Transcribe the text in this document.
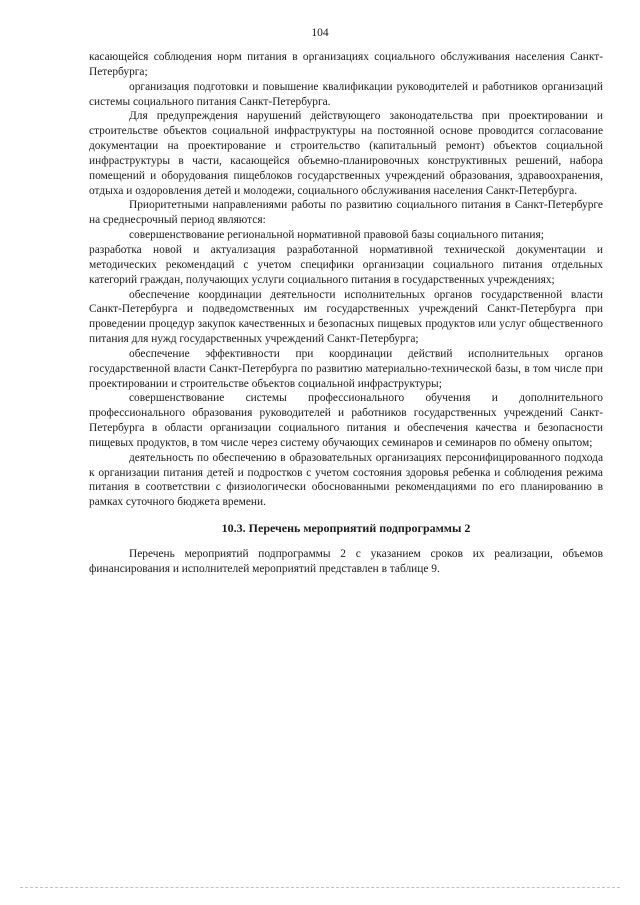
104

касающейся соблюдения норм питания в организациях социального обслуживания населения Санкт-Петербурга;

организация подготовки и повышение квалификации руководителей и работников организаций системы социального питания Санкт-Петербурга.

Для предупреждения нарушений действующего законодательства при проектировании и строительстве объектов социальной инфраструктуры на постоянной основе проводится согласование документации на проектирование и строительство (капитальный ремонт) объектов социальной инфраструктуры в части, касающейся объемно-планировочных конструктивных решений, набора помещений и оборудования пищеблоков государственных учреждений образования, здравоохранения, отдыха и оздоровления детей и молодежи, социального обслуживания населения Санкт-Петербурга.

Приоритетными направлениями работы по развитию социального питания в Санкт-Петербурге на среднесрочный период являются:

совершенствование региональной нормативной правовой базы социального питания;

разработка новой и актуализация разработанной нормативной технической документации и методических рекомендаций с учетом специфики организации социального питания отдельных категорий граждан, получающих услуги социального питания в государственных учреждениях;

обеспечение координации деятельности исполнительных органов государственной власти Санкт-Петербурга и подведомственных им государственных учреждений Санкт-Петербурга при проведении процедур закупок качественных и безопасных пищевых продуктов или услуг общественного питания для нужд государственных учреждений Санкт-Петербурга;

обеспечение эффективности при координации действий исполнительных органов государственной власти Санкт-Петербурга по развитию материально-технической базы, в том числе при проектировании и строительстве объектов социальной инфраструктуры;

совершенствование системы профессионального обучения и дополнительного профессионального образования руководителей и работников государственных учреждений Санкт-Петербурга в области организации социального питания и обеспечения качества и безопасности пищевых продуктов, в том числе через систему обучающих семинаров и семинаров по обмену опытом;

деятельность по обеспечению в образовательных организациях персонифицированного подхода к организации питания детей и подростков с учетом состояния здоровья ребенка и соблюдения режима питания в соответствии с физиологически обоснованными рекомендациями по его планированию в рамках суточного бюджета времени.

10.3. Перечень мероприятий подпрограммы 2

Перечень мероприятий подпрограммы 2 с указанием сроков их реализации, объемов финансирования и исполнителей мероприятий представлен в таблице 9.
